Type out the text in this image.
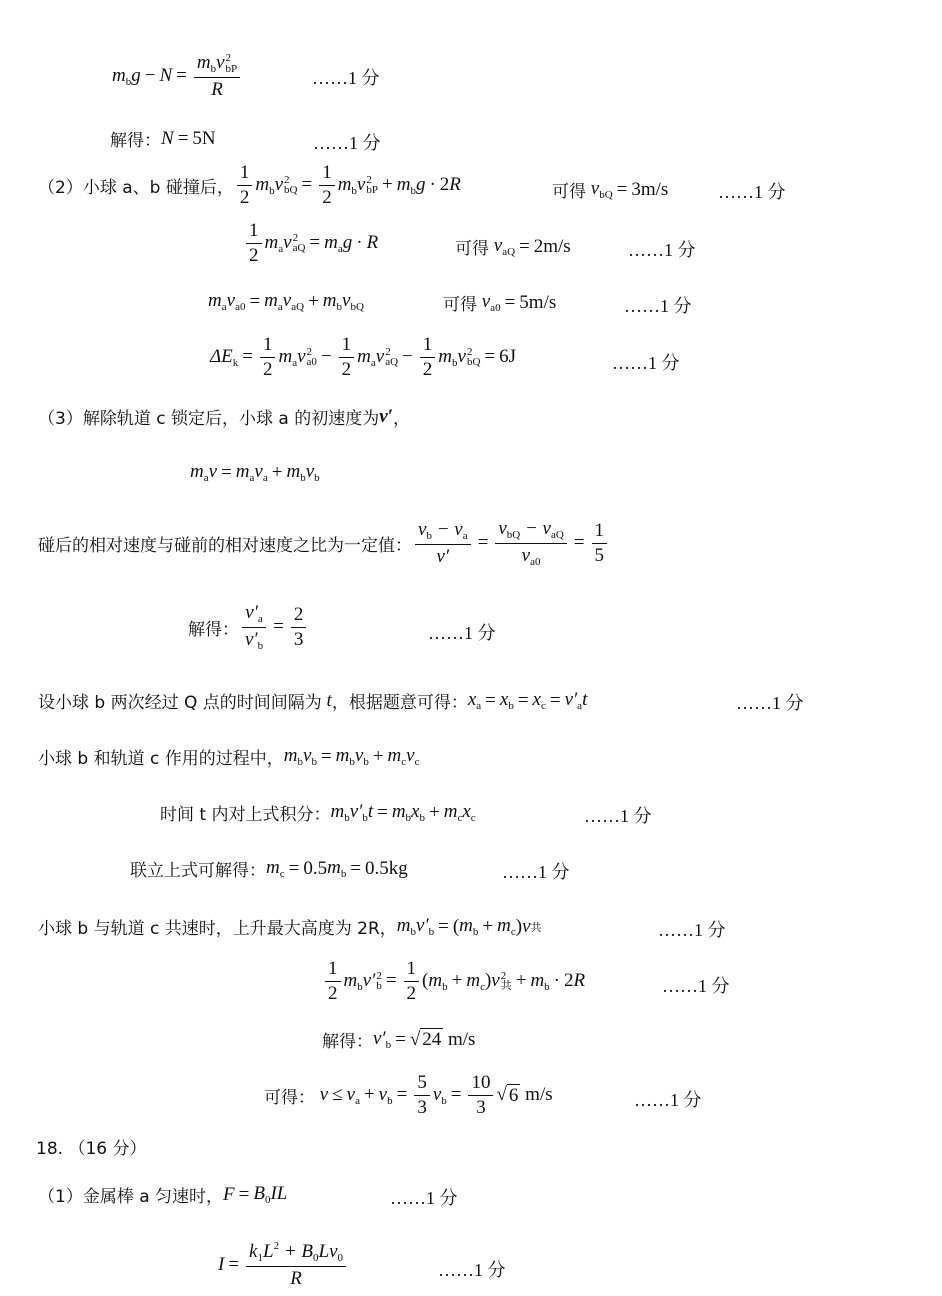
$m_bg - N = m_bv$ 2
bP
R	……1 分
解得： N = 5N	……1 分
（2）小球 a、b 碰撞后， $\frac{1}{2} m_bv$ 2
bQ = $\frac{1}{2} m_bv$ 2
bP + $m_bg \cdot 2$ R	可得
$v_{bQ} = 3m/s$	……1 分
$\frac{1}{2} m_av$ 2
aQ = $m_ag \cdot R$	可得
$v_{aQ} = 2m/s$	……1 分
$m_av_{a0} = m_av_{aQ} + m_bv_{bQ}$	可得
$v_{a0} = 5m/s$	……1 分
$\Delta E_k = \frac{1}{2} m_av$ 2
$a0 - \frac{1}{2} m_av$ 2
aQ − $\frac{1}{2} m_bv$ 2
bQ = 6J	……1 分
（3）解除轨道 c 锁定后，小球 a 的初速度为 v′ ，
$m_av = m_av_a + m_bv_b$
碰后的相对速度与碰前的相对速度之比为一定值： $\frac{v_b - v_a}{v'} = \frac{v_{bQ} - v_{aQ}}{v_{a0}} = \frac{1}{5}$
解得： $\frac{v'_a}{v'_b} = \frac{2}{3}$	……1 分
设小球 b 两次经过 Q 点的时间间隔为
t ，根据题意可得： $x_a = x_b = x_c = v'_at$	……1 分
小球 b 和轨道 c 作用的过程中， $m_bv_b = m_bv_b + m_cv_c$
时间 t 内对上式积分： $m_bv'_bt = m_bx_b + m_cx_c$	……1 分
联立上式可解得： $m_c = 0.5$ $m_b = 0.5kg$	……1 分
小球 b 与轨道 c 共速时，上升最大高度为 2R， $m_bv'_b$ = ( $m_b + m_c$ ) v 共	……1 分
$\frac{1}{2} m_bv'$ 2
$b = \frac{1}{2}$ ( $m_b + m_c$ ) v 2
共 + $m_b \cdot 2$ R	……1 分
解得： $v'_b$ = √ 24
m/s
可得 ：
$v \le v_a + v_b = \frac{5}{3} v_b = \frac{10}{3}$ √ 6
m/s	……1 分
18. （16 分）
（1）金属棒 a 匀速时， $F = B_0IL$	……1 分
$I = \frac{k_1L^2 + B_0Lv_0}{R}$	……1 分
